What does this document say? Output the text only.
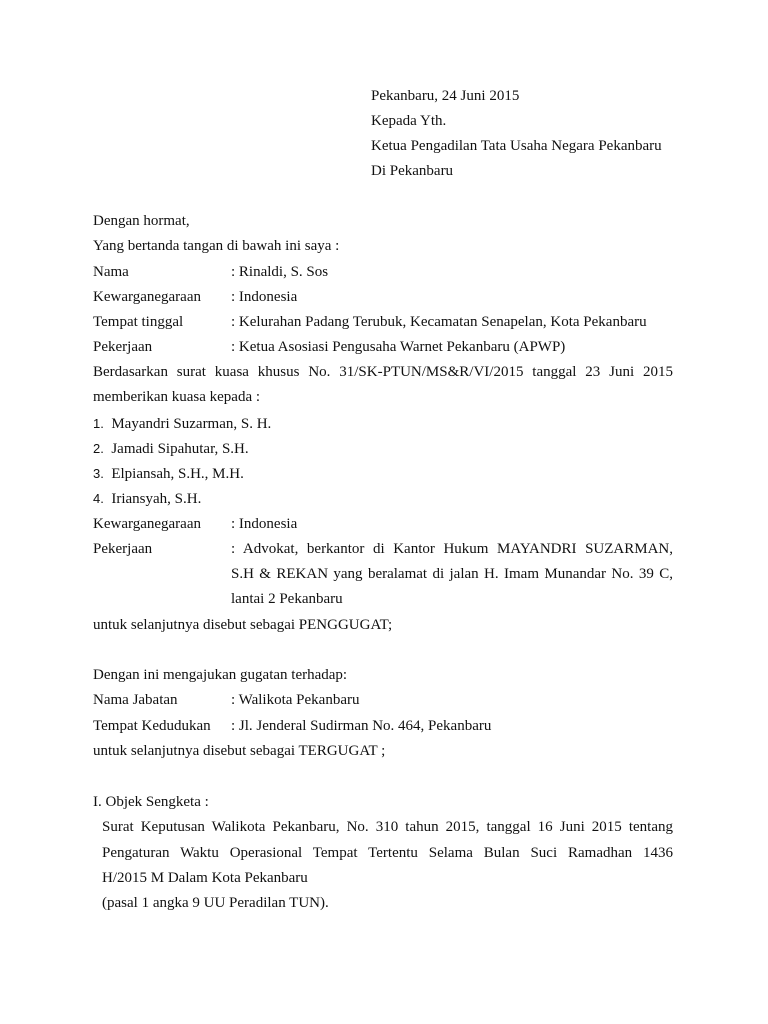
Pekanbaru, 24 Juni 2015
Kepada Yth.
Ketua Pengadilan Tata Usaha Negara Pekanbaru
Di Pekanbaru
Dengan hormat,
Yang bertanda tangan di bawah ini saya :
Nama	: Rinaldi, S. Sos
Kewarganegaraan : Indonesia
Tempat tinggal	: Kelurahan Padang Terubuk, Kecamatan Senapelan, Kota Pekanbaru
Pekerjaan	: Ketua Asosiasi Pengusaha Warnet Pekanbaru (APWP)
Berdasarkan surat kuasa khusus No. 31/SK-PTUN/MS&R/VI/2015 tanggal 23 Juni 2015
memberikan kuasa kepada :
1. Mayandri Suzarman, S. H.
2. Jamadi Sipahutar, S.H.
3. Elpiansah, S.H., M.H.
4. Iriansyah, S.H.
Kewarganegaraan : Indonesia
Pekerjaan	: Advokat, berkantor di Kantor Hukum MAYANDRI SUZARMAN,
S.H & REKAN yang beralamat di jalan H. Imam Munandar No. 39 C,
lantai 2 Pekanbaru
untuk selanjutnya disebut sebagai PENGGUGAT;
Dengan ini mengajukan gugatan terhadap:
Nama Jabatan	: Walikota Pekanbaru
Tempat Kedudukan : Jl. Jenderal Sudirman No. 464, Pekanbaru
untuk selanjutnya disebut sebagai TERGUGAT ;
I. Objek Sengketa :
Surat Keputusan Walikota Pekanbaru, No. 310 tahun 2015, tanggal 16 Juni 2015 tentang
Pengaturan Waktu Operasional Tempat Tertentu Selama Bulan Suci Ramadhan 1436
H/2015 M Dalam Kota Pekanbaru
(pasal 1 angka 9 UU Peradilan TUN).
